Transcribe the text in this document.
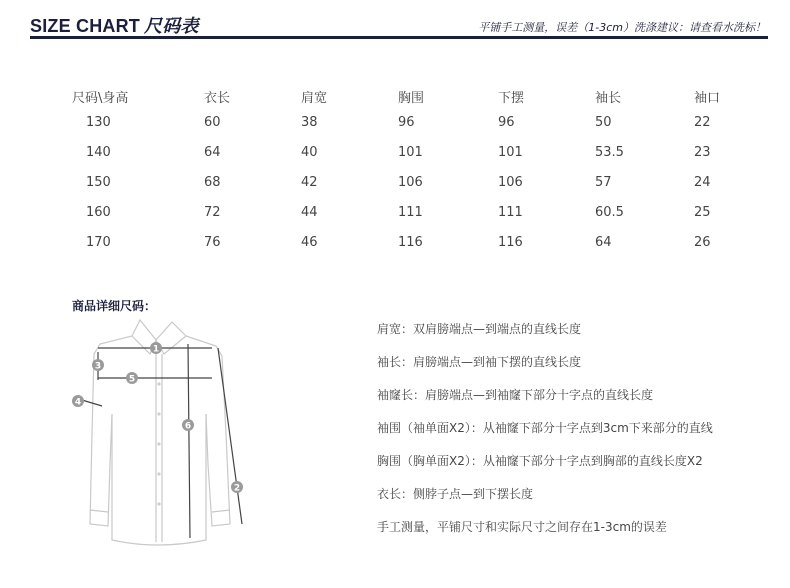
SIZE CHART 尺码表	平铺手工测量，误差（1-3cm）洗涤建议：请查看水洗标！
尺码\身高	衣长	肩宽	胸围	下摆	袖长	袖口
130	60	38	96	96	50	22
140	64	40	101	101	53.5	23
150	68	42	106	106	57	24
160	72	44	111	111	60.5	25
170	76	46	116	116	64	26
商品详细尺码：
1
2
3
4
5
6
肩宽：双肩膀端点—到端点的直线长度
袖长：肩膀端点—到袖下摆的直线长度
袖窿长：肩膀端点—到袖窿下部分十字点的直线长度
袖围（袖单面X2）：从袖窿下部分十字点到3cm下来部分的直线
胸围（胸单面X2）：从袖窿下部分十字点到胸部的直线长度X2
衣长：侧脖子点—到下摆长度
手工测量，平铺尺寸和实际尺寸之间存在1-3cm的误差
